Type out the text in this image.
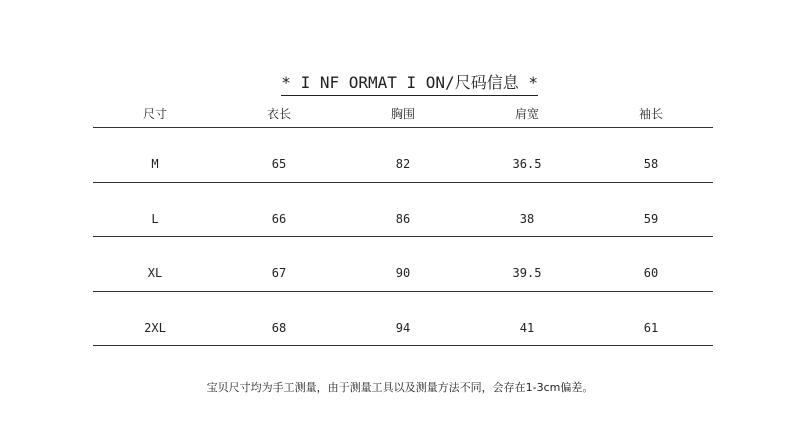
* I NF ORMAT I ON/尺码信息 *

尺寸	衣长	胸围	肩宽	袖长
M	65	82	36.5	58
L	66	86	38	59
XL	67	90	39.5	60
2XL	68	94	41	61
宝贝尺寸均为手工测量，由于测量工具以及测量方法不同，会存在1-3cm偏差。
